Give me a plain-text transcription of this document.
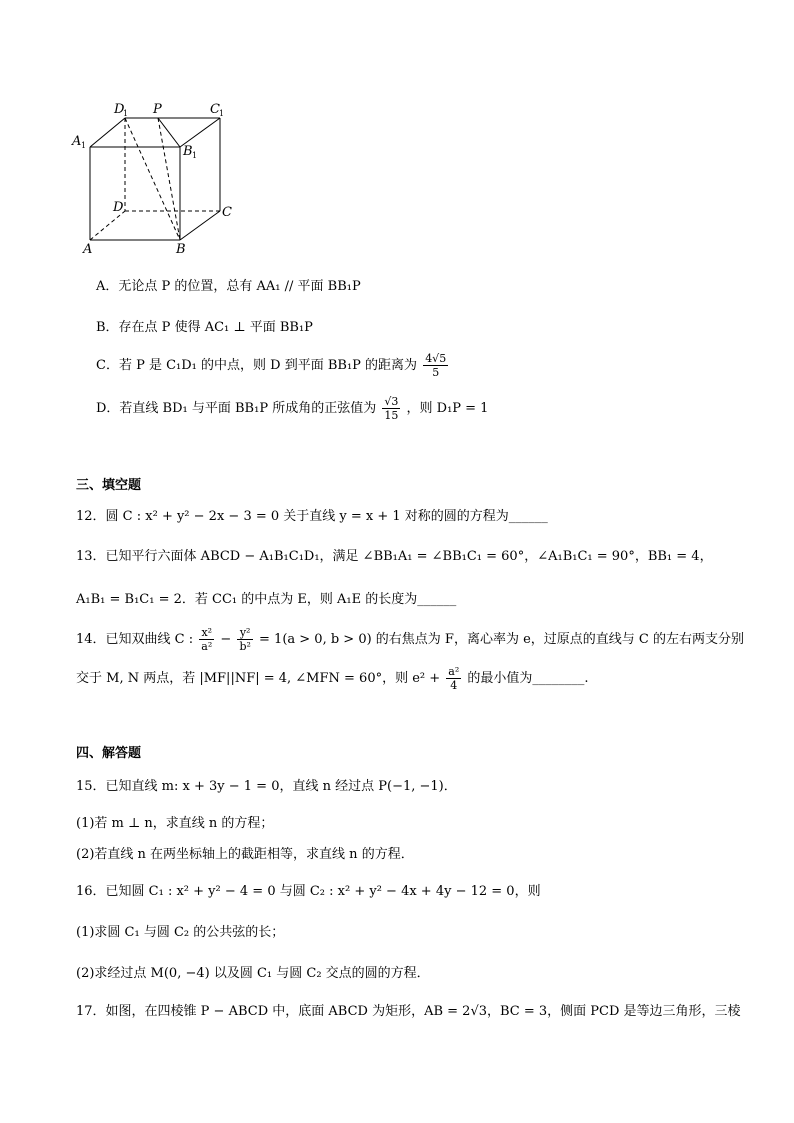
D
1 P	C 1
A 1	B 1
D	C
A	B
A．无论点 P 的位置，总有 AA₁ // 平面 BB₁P
B．存在点 P 使得 AC₁ ⊥ 平面 BB₁P
C．若 P 是 C₁D₁ 的中点，则 D 到平面 BB₁P 的距离为 $\frac{4√5}{5}$
D．若直线 BD₁ 与平面 BB₁P 所成角的正弦值为 $\frac{√3}{15}$ ，则 D₁P = 1
三、填空题
12．圆 C : x² + y² − 2x − 3 = 0 关于直线 y = x + 1 对称的圆的方程为______
13．已知平行六面体 ABCD − A₁B₁C₁D₁，满足 ∠BB₁A₁ = ∠BB₁C₁ = 60°，∠A₁B₁C₁ = 90°，BB₁ = 4，
A₁B₁ = B₁C₁ = 2．若 CC₁ 的中点为 E，则 A₁E 的长度为______
14．已知双曲线 C : $\frac{\text{x²}}{\text{a²}} - \frac{\text{y²}}{\text{b²}} = 1(a > 0$, b > 0) 的右焦点为 F，离心率为 e，过原点的直线与 C 的左右两支分别
交于 M, N 两点，若 |MF||NF| = 4, ∠MFN = 60°，则 $e^2 + \frac{\text{a²}}{4}$ 的最小值为________.
四、解答题
15．已知直线 m: x + 3y − 1 = 0，直线 n 经过点 P(−1, −1)．
(1)若 m ⊥ n，求直线 n 的方程；
(2)若直线 n 在两坐标轴上的截距相等，求直线 n 的方程．
16．已知圆 C₁ : x² + y² − 4 = 0 与圆 C₂ : x² + y² − 4x + 4y − 12 = 0，则
(1)求圆 C₁ 与圆 C₂ 的公共弦的长；
(2)求经过点 M(0, −4) 以及圆 C₁ 与圆 C₂ 交点的圆的方程．
17．如图，在四棱锥 P − ABCD 中，底面 ABCD 为矩形，AB = 2√3，BC = 3，侧面 PCD 是等边三角形，三棱
